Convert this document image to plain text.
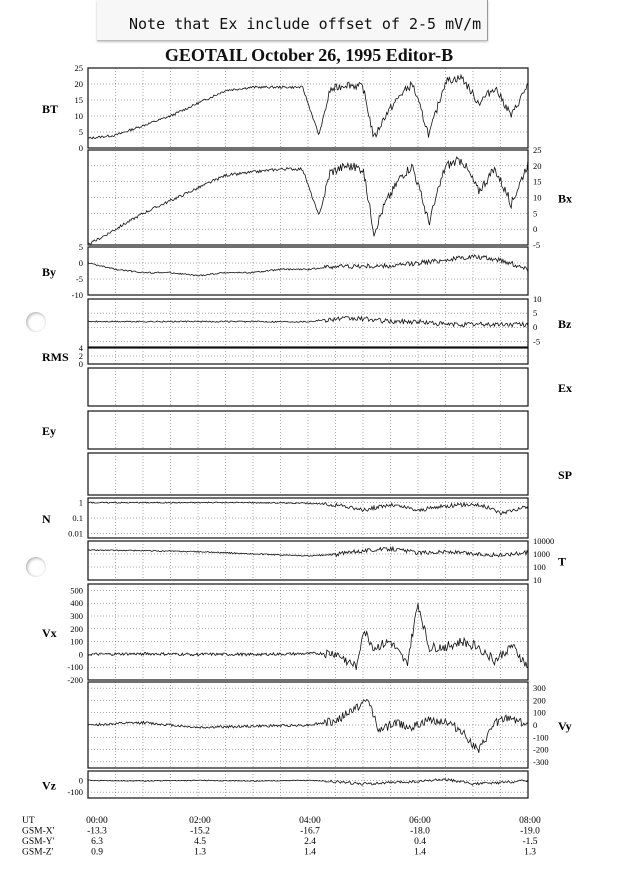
Note that Ex include offset of 2-5 mV/m
GEOTAIL October 26, 1995 Editor-B
25
20
15
10
5
0
BT
25
20
15
10
5
0
-5
Bx
5
0
-5
-10
By
10
5
0
-5
Bz
4
2
0
RMS
Ex
Ey
SP
1
0.1
0.01
N
10000
1000
100
10
T
500
400
300
200
100
0
-100
-200
Vx
300
200
100
0
-100
-200
-300
Vy
0
-100
Vz
UT	00:00	02:00	04:00	06:00	08:00
GSM-X'	-13.3	-15.2	-16.7	-18.0	-19.0
GSM-Y'	6.3	4.5	2.4	0.4	-1.5
GSM-Z'	0.9	1.3	1.4	1.4	1.3
